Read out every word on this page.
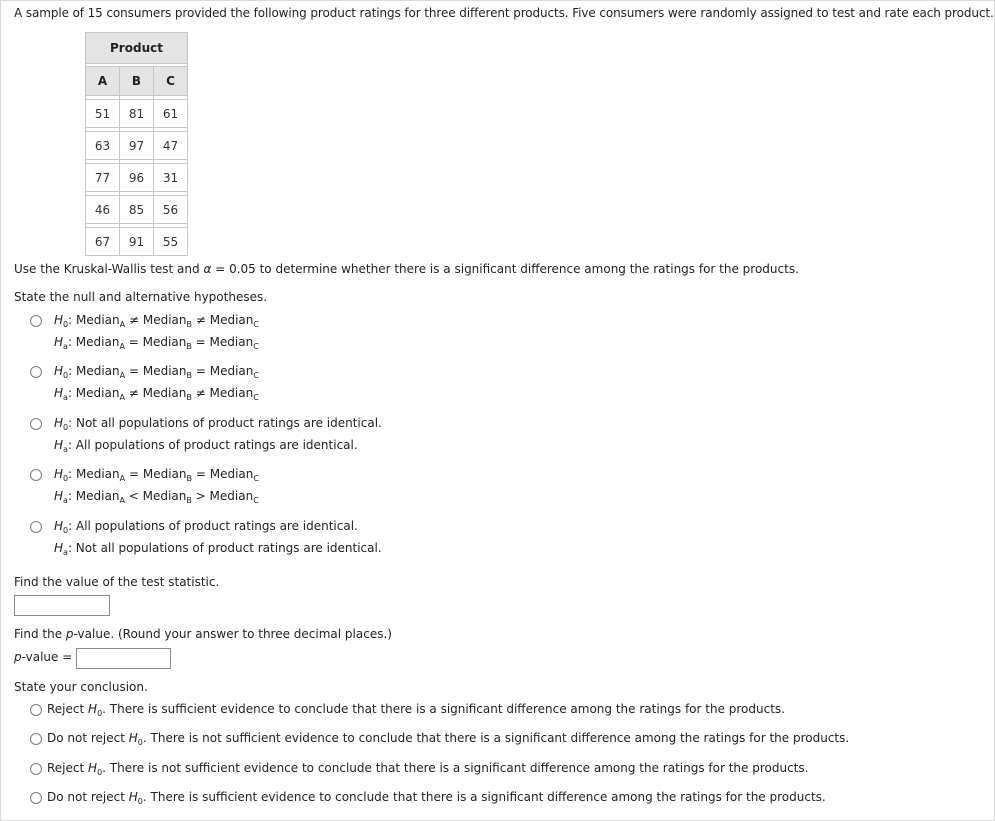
A sample of 15 consumers provided the following product ratings for three different products. Five consumers were randomly assigned to test and rate each product.
Product		

A	B	C

51	81	61

63	97	47

77	96	31

46	85	56

67	91	55
Use the Kruskal-Wallis test and α = 0.05 to determine whether there is a significant difference among the ratings for the products.
State the null and alternative hypotheses.
$H_0$: Median$_A$ ≠ Median$_B$ ≠ Median$_C$
$H_a$: Median$_A$ = Median$_B$ = Median$_C$
$H_0$: Median$_A$ = Median$_B$ = Median$_C$
$H_a$: Median$_A$ ≠ Median$_B$ ≠ Median$_C$
$H_0$: Not all populations of product ratings are identical.
$H_a$: All populations of product ratings are identical.
$H_0$: Median$_A$ = Median$_B$ = Median$_C$
$H_a$: Median$_A$ < Median$_B$ > Median$_C$
$H_0$: All populations of product ratings are identical.
$H_a$: Not all populations of product ratings are identical.
Find the value of the test statistic.
Find the p-value. (Round your answer to three decimal places.)
p-value =
State your conclusion.
Reject $H_0$. There is sufficient evidence to conclude that there is a significant difference among the ratings for the products.
Do not reject $H_0$. There is not sufficient evidence to conclude that there is a significant difference among the ratings for the products.
Reject $H_0$. There is not sufficient evidence to conclude that there is a significant difference among the ratings for the products.
Do not reject $H_0$. There is sufficient evidence to conclude that there is a significant difference among the ratings for the products.
